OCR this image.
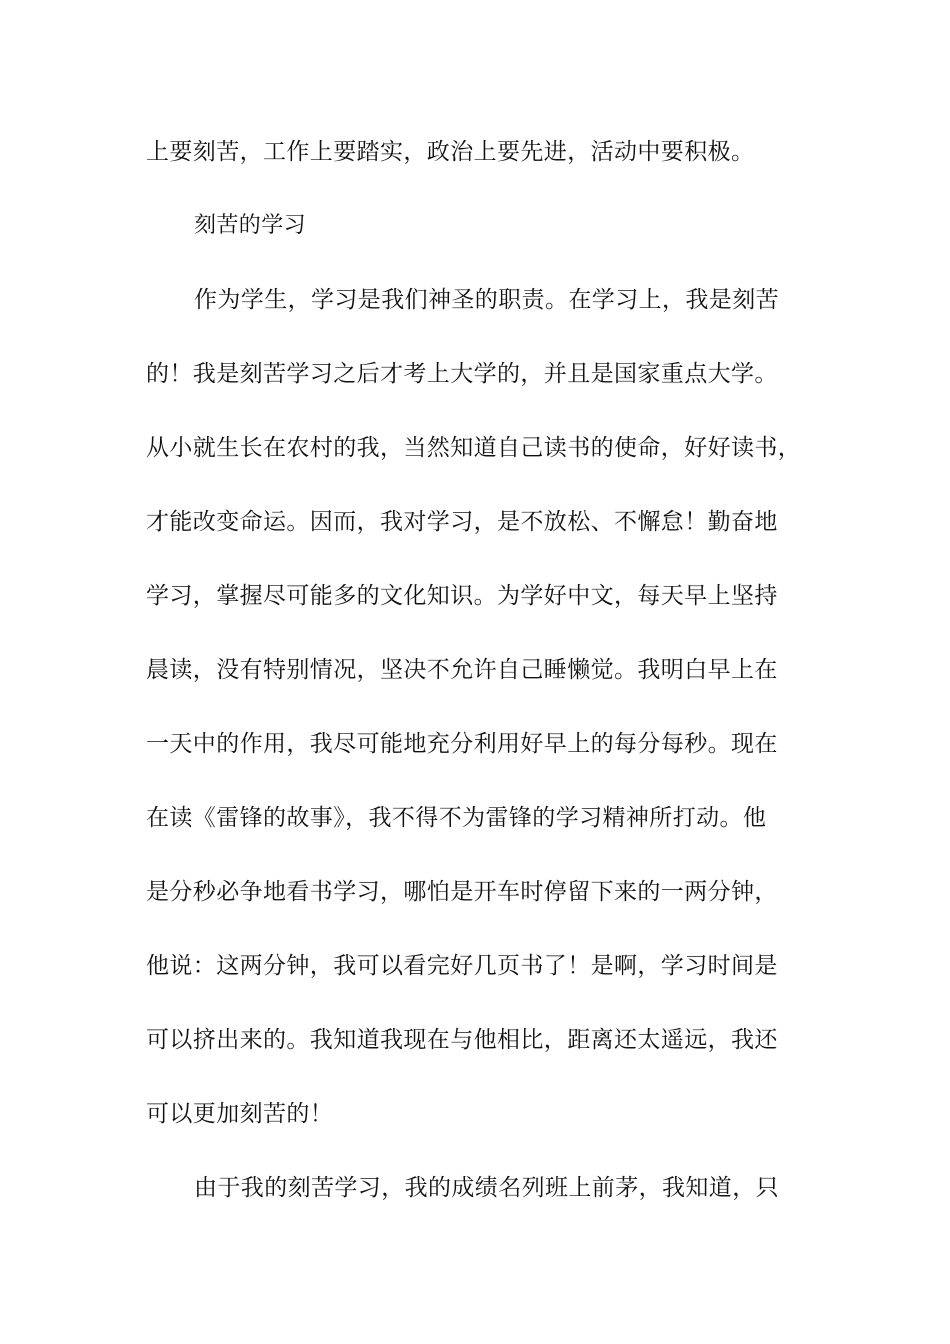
上要刻苦，工作上要踏实，政治上要先进，活动中要积极。
刻苦的学习
作为学生，学习是我们神圣的职责。在学习上，我是刻苦
的！我是刻苦学习之后才考上大学的，并且是国家重点大学。
从小就生长在农村的我，当然知道自己读书的使命，好好读书，
才能改变命运。因而，我对学习，是不放松、不懈怠！勤奋地
学习，掌握尽可能多的文化知识。为学好中文，每天早上坚持
晨读，没有特别情况，坚决不允许自己睡懒觉。我明白早上在
一天中的作用，我尽可能地充分利用好早上的每分每秒。现在
在读《雷锋的故事》，我不得不为雷锋的学习精神所打动。他
是分秒必争地看书学习，哪怕是开车时停留下来的一两分钟，
他说：这两分钟，我可以看完好几页书了！是啊，学习时间是
可以挤出来的。我知道我现在与他相比，距离还太遥远，我还
可以更加刻苦的！
由于我的刻苦学习，我的成绩名列班上前茅，我知道，只
